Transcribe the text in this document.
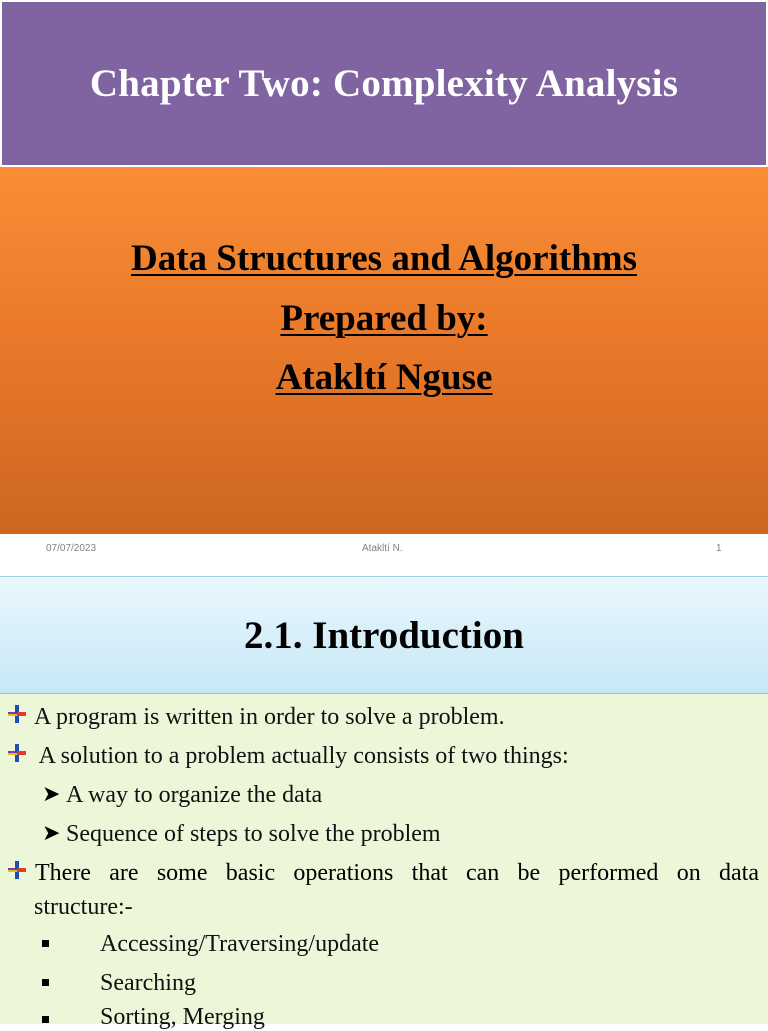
Chapter Two: Complexity Analysis
Data Structures and Algorithms
Prepared by:
Atakltí Nguse
07/07/2023	Atakltí N.	1
2.1. Introduction
A program is written in order to solve a problem.
A solution to a problem actually consists of two things:
➤ A way to organize the data
➤ Sequence of steps to solve the problem
There are some basic operations that can be performed on data
structure:-
Accessing/Traversing/update
Searching
Sorting, Merging
